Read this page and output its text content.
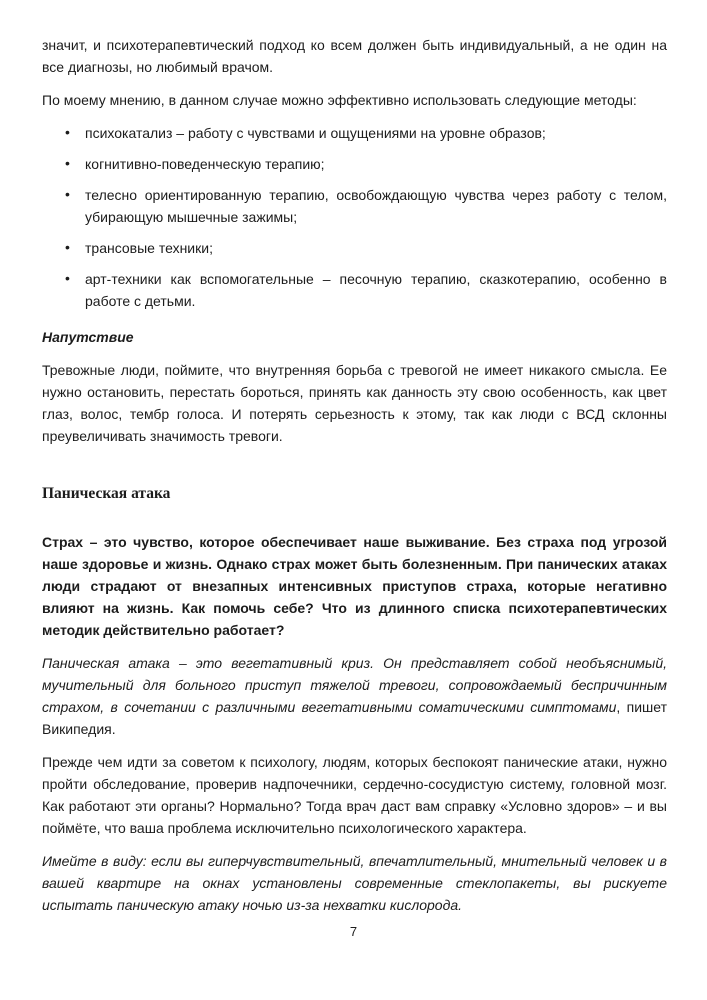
значит, и психотерапевтический подход ко всем должен быть индивидуальный, а не один на все диагнозы, но любимый врачом.

По моему мнению, в данном случае можно эффективно использовать следующие методы:

• психокатализ – работу с чувствами и ощущениями на уровне образов;
• когнитивно-поведенческую терапию;
• телесно ориентированную терапию, освобождающую чувства через работу с телом, убирающую мышечные зажимы;
• трансовые техники;
• арт-техники как вспомогательные – песочную терапию, сказкотерапию, особенно в работе с детьми.
Напутствие

Тревожные люди, поймите, что внутренняя борьба с тревогой не имеет никакого смысла. Ее нужно остановить, перестать бороться, принять как данность эту свою особенность, как цвет глаз, волос, тембр голоса. И потерять серьезность к этому, так как люди с ВСД склонны преувеличивать значимость тревоги.

Паническая атака

Страх – это чувство, которое обеспечивает наше выживание. Без страха под угрозой наше здоровье и жизнь. Однако страх может быть болезненным. При панических атаках люди страдают от внезапных интенсивных приступов страха, которые негативно влияют на жизнь. Как помочь себе? Что из длинного списка психотерапевтических методик действительно работает?

Паническая атака – это вегетативный криз. Он представляет собой необъяснимый, мучительный для больного приступ тяжелой тревоги, сопровождаемый беспричинным страхом, в сочетании с различными вегетативными соматическими симптомами, пишет Википедия.

Прежде чем идти за советом к психологу, людям, которых беспокоят панические атаки, нужно пройти обследование, проверив надпочечники, сердечно-сосудистую систему, головной мозг. Как работают эти органы? Нормально? Тогда врач даст вам справку «Условно здоров» – и вы поймёте, что ваша проблема исключительно психологического характера.

Имейте в виду: если вы гиперчувствительный, впечатлительный, мнительный человек и в вашей квартире на окнах установлены современные стеклопакеты, вы рискуете испытать паническую атаку ночью из-за нехватки кислорода.

7
